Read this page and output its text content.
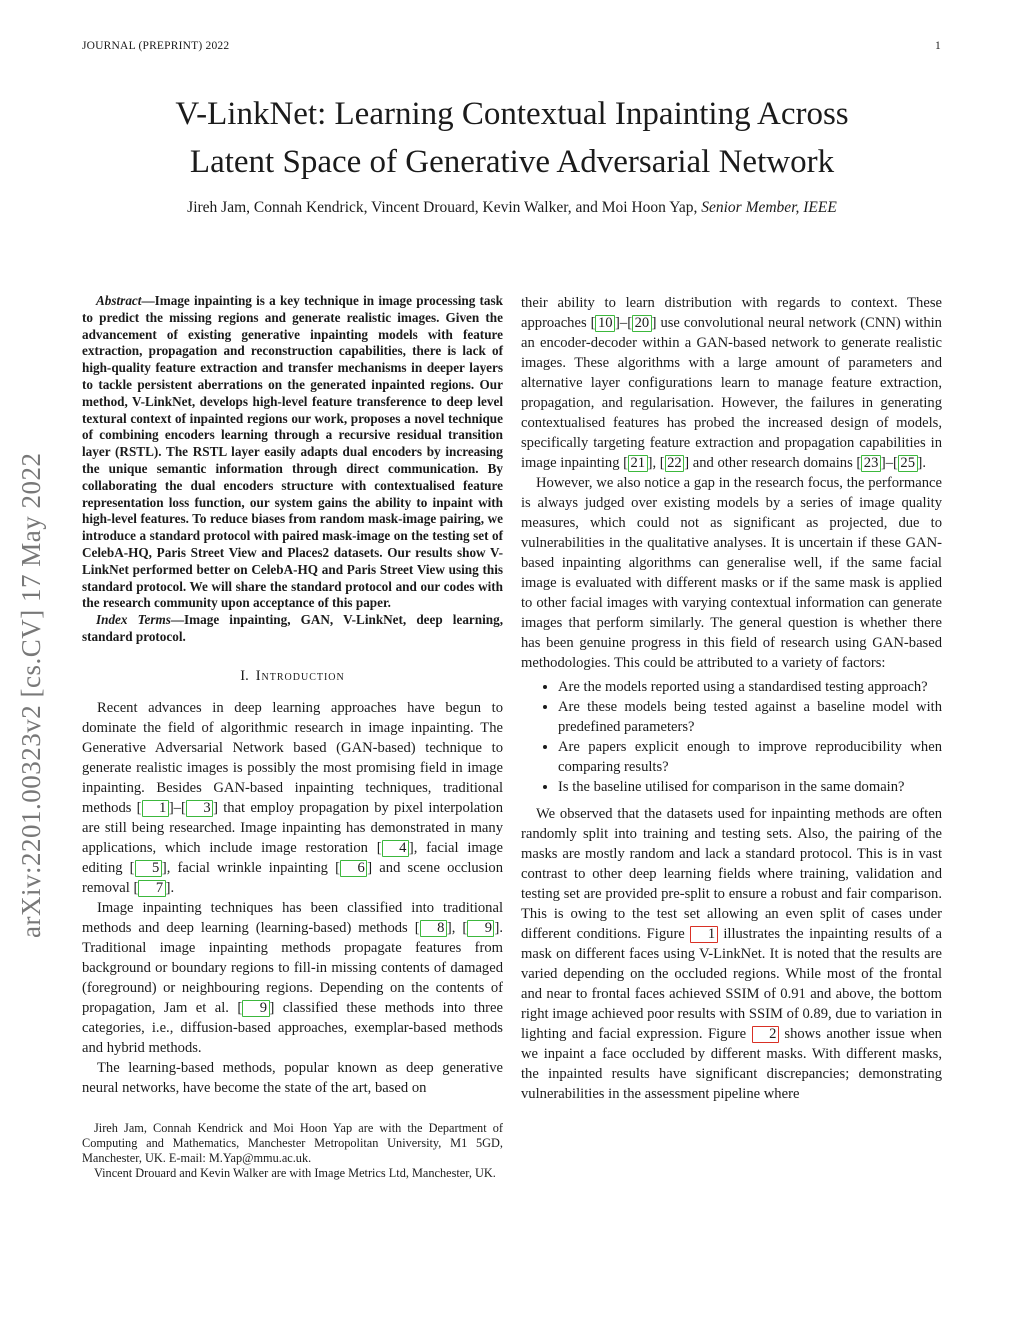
JOURNAL (PREPRINT) 2022	1
V-LinkNet: Learning Contextual Inpainting Across
Latent Space of Generative Adversarial Network
Jireh Jam, Connah Kendrick, Vincent Drouard, Kevin Walker, and Moi Hoon Yap, Senior Member, IEEE
arXiv:2201.00323v2 [cs.CV] 17 May 2022

Abstract—Image inpainting is a key technique in image processing task to predict the missing regions and generate realistic images. Given the advancement of existing generative inpainting models with feature extraction, propagation and reconstruction capabilities, there is lack of high-quality feature extraction and transfer mechanisms in deeper layers to tackle persistent aberrations on the generated inpainted regions. Our method, V-LinkNet, develops high-level feature transference to deep level textural context of inpainted regions our work, proposes a novel technique of combining encoders learning through a recursive residual transition layer (RSTL). The RSTL layer easily adapts dual encoders by increasing the unique semantic information through direct communication. By collaborating the dual encoders structure with contextualised feature representation loss function, our system gains the ability to inpaint with high-level features. To reduce biases from random mask-image pairing, we introduce a standard protocol with paired mask-image on the testing set of CelebA-HQ, Paris Street View and Places2 datasets. Our results show V-LinkNet performed better on CelebA-HQ and Paris Street View using this standard protocol. We will share the standard protocol and our codes with the research community upon acceptance of this paper.

Index Terms—Image inpainting, GAN, V-LinkNet, deep learning, standard protocol.

I. Introduction

Recent advances in deep learning approaches have begun to dominate the field of algorithmic research in image inpainting. The Generative Adversarial Network based (GAN-based) technique to generate realistic images is possibly the most promising field in image inpainting. Besides GAN-based inpainting techniques, traditional methods [ 1 ]–[ 3 ] that employ propagation by pixel interpolation are still being researched. Image inpainting has demonstrated in many applications, which include image restoration [ 4 ], facial image editing [ 5 ], facial wrinkle inpainting [ 6 ] and scene occlusion removal [ 7 ].

Image inpainting techniques has been classified into traditional methods and deep learning (learning-based) methods [ 8 ], [ 9 ]. Traditional image inpainting methods propagate features from background or boundary regions to fill-in missing contents of damaged (foreground) or neighbouring regions. Depending on the contents of propagation, Jam et al. [ 9 ] classified these methods into three categories, i.e., diffusion-based approaches, exemplar-based methods and hybrid methods.

The learning-based methods, popular known as deep generative neural networks, have become the state of the art, based on

Jireh Jam, Connah Kendrick and Moi Hoon Yap are with the Department of Computing and Mathematics, Manchester Metropolitan University, M1 5GD, Manchester, UK. E-mail: M.Yap@mmu.ac.uk.

Vincent Drouard and Kevin Walker are with Image Metrics Ltd, Manchester, UK.

their ability to learn distribution with regards to context. These approaches [ 10 ]–[ 20 ] use convolutional neural network (CNN) within an encoder-decoder within a GAN-based network to generate realistic images. These algorithms with a large amount of parameters and alternative layer configurations learn to manage feature extraction, propagation, and regularisation. However, the failures in generating contextualised features has probed the increased design of models, specifically targeting feature extraction and propagation capabilities in image inpainting [ 21 ], [ 22 ] and other research domains [ 23 ]–[ 25 ].

However, we also notice a gap in the research focus, the performance is always judged over existing models by a series of image quality measures, which could not as significant as projected, due to vulnerabilities in the qualitative analyses. It is uncertain if these GAN-based inpainting algorithms can generalise well, if the same facial image is evaluated with different masks or if the same mask is applied to other facial images with varying contextual information can generate images that perform similarly. The general question is whether there has been genuine progress in this field of research using GAN-based methodologies. This could be attributed to a variety of factors:

• Are the models reported using a standardised testing approach?
• Are these models being tested against a baseline model with predefined parameters?
• Are papers explicit enough to improve reproducibility when comparing results?
• Is the baseline utilised for comparison in the same domain?

We observed that the datasets used for inpainting methods are often randomly split into training and testing sets. Also, the pairing of the masks are mostly random and lack a standard protocol. This is in vast contrast to other deep learning fields where training, validation and testing set are provided pre-split to ensure a robust and fair comparison. This is owing to the test set allowing an even split of cases under different conditions. Figure 1 illustrates the inpainting results of a mask on different faces using V-LinkNet. It is noted that the results are varied depending on the occluded regions. While most of the frontal and near to frontal faces achieved SSIM of 0.91 and above, the bottom right image achieved poor results with SSIM of 0.89, due to variation in lighting and facial expression. Figure 2 shows another issue when we inpaint a face occluded by different masks. With different masks, the inpainted results have significant discrepancies; demonstrating vulnerabilities in the assessment pipeline where
